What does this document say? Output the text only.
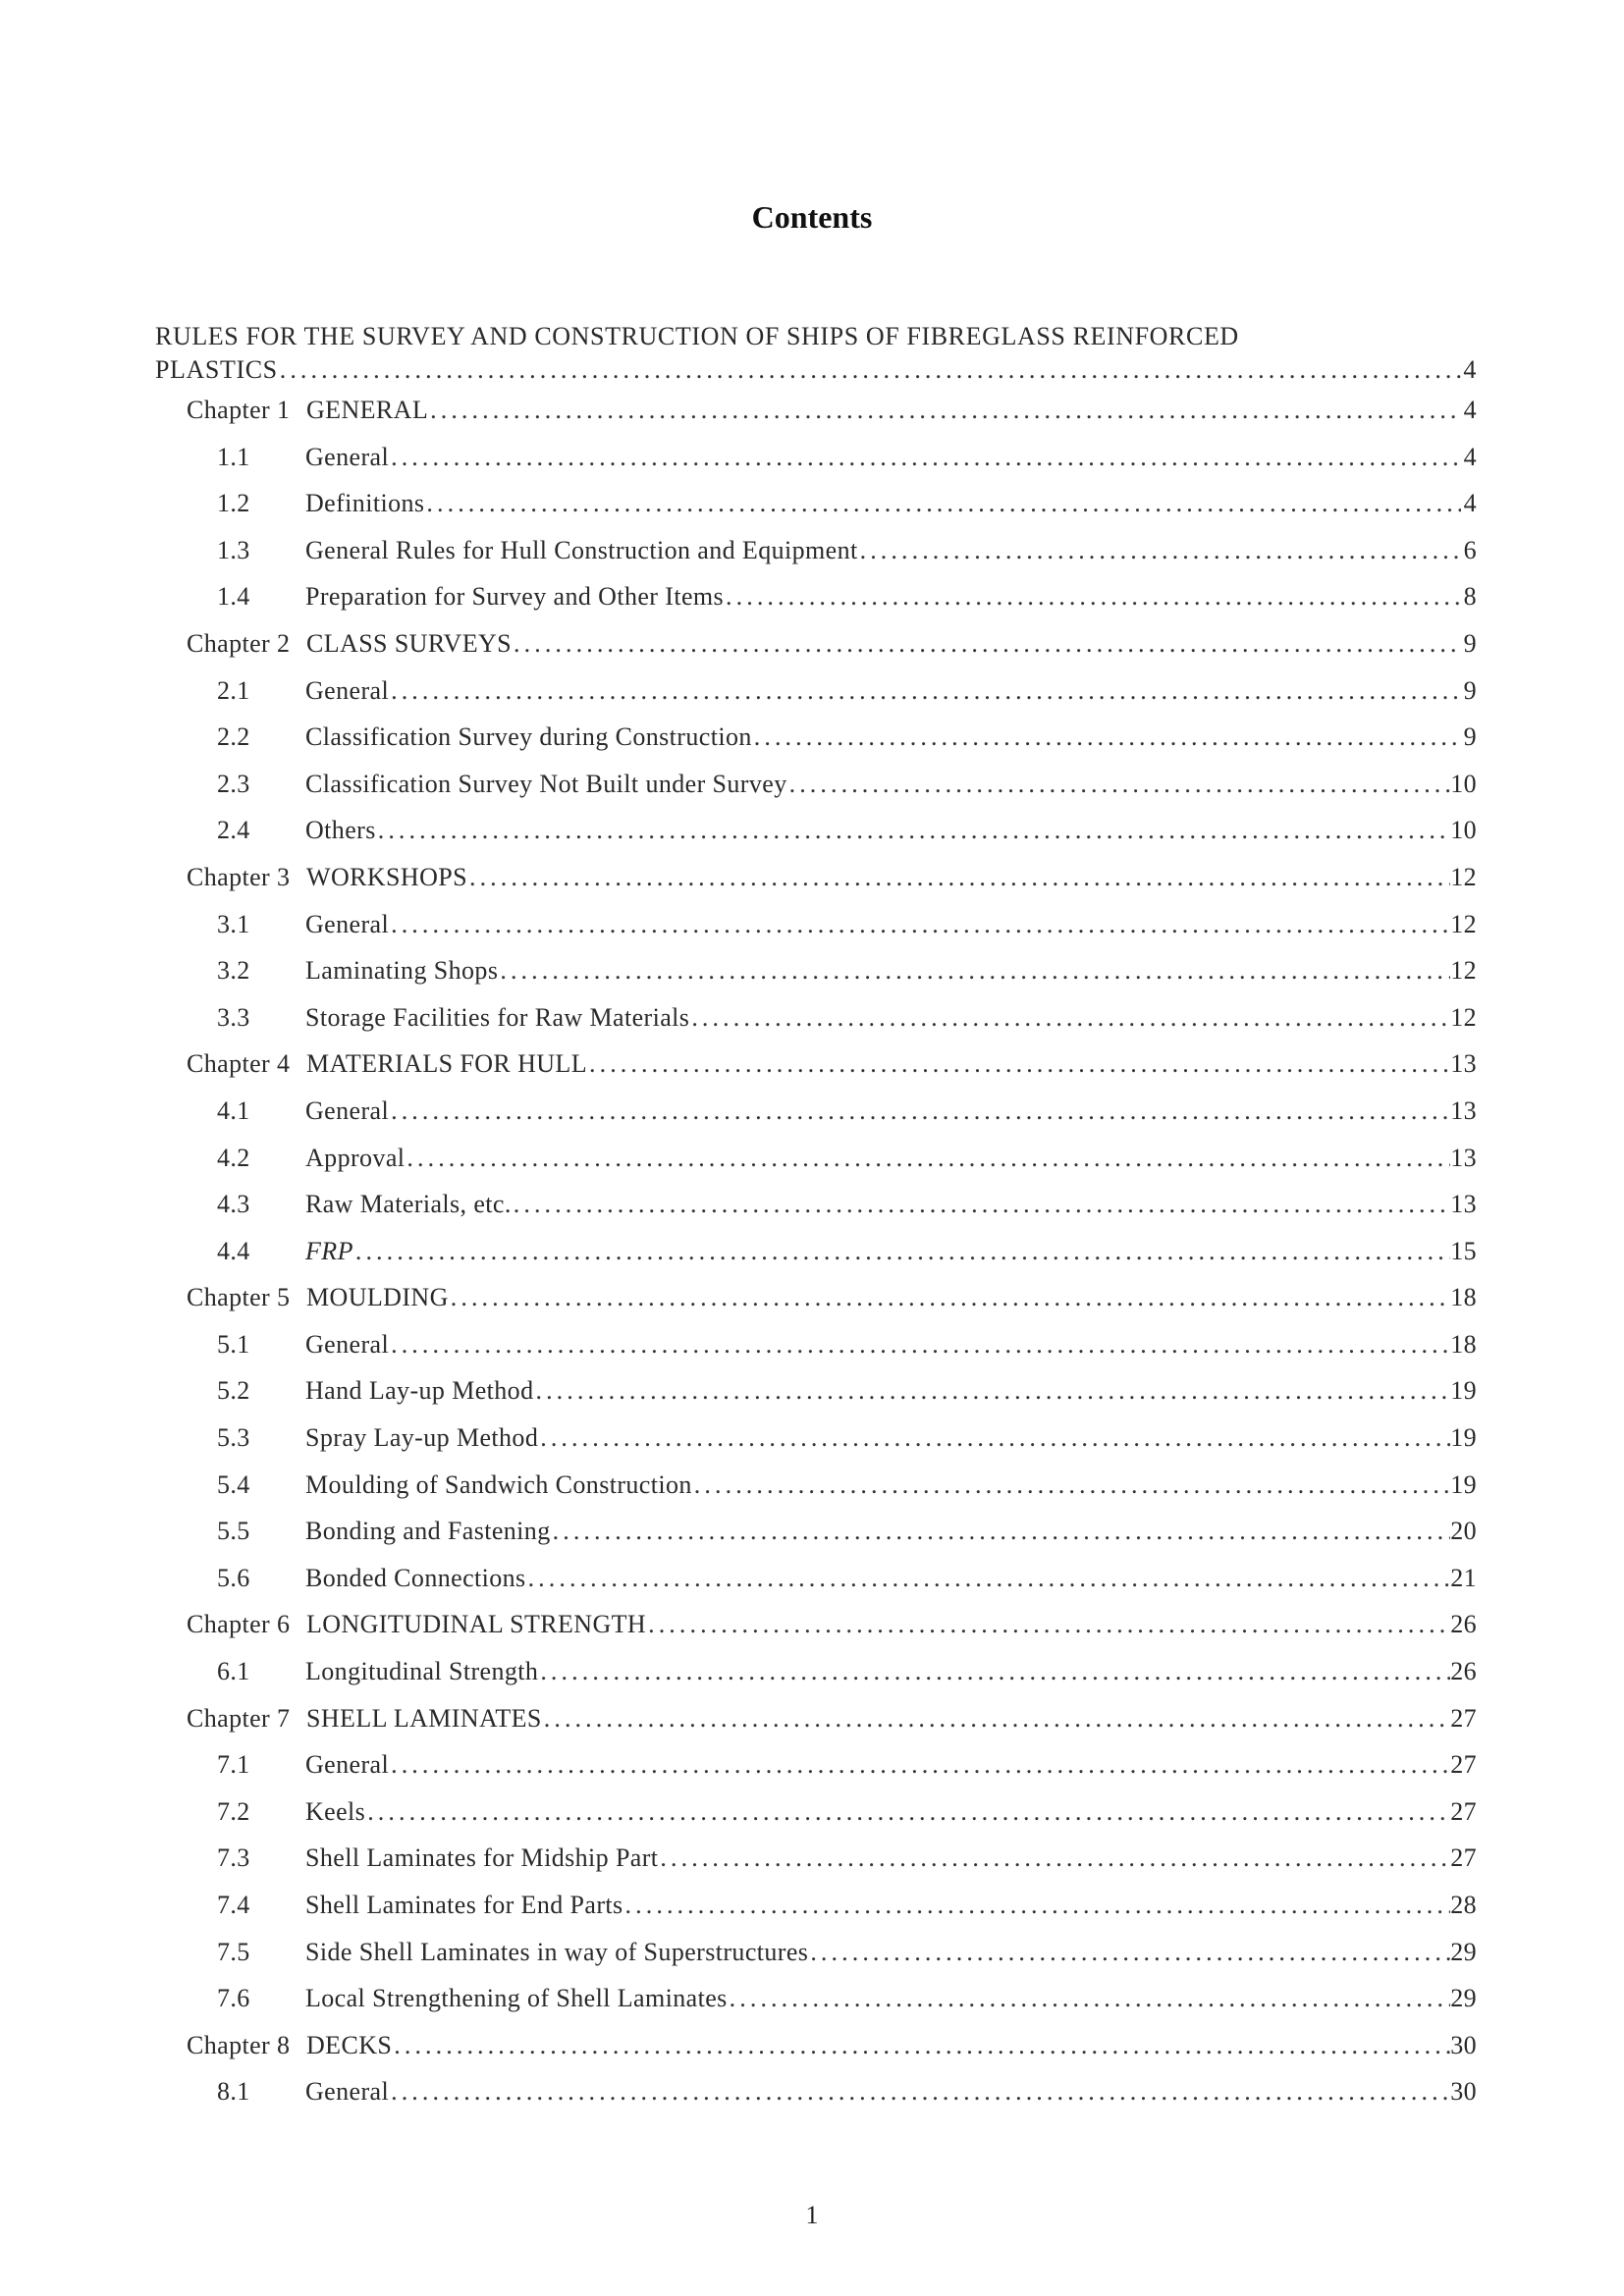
Contents
RULES FOR THE SURVEY AND CONSTRUCTION OF SHIPS OF FIBREGLASS REINFORCED
PLASTICS . . .	4
Chapter 1 GENERAL . . .	4
1.1	General . . .	4
1.2	Definitions . . .	4
1.3	General Rules for Hull Construction and Equipment . . .	6
1.4	Preparation for Survey and Other Items . . .	8
Chapter 2 CLASS SURVEYS . . .	9
2.1	General . . .	9
2.2	Classification Survey during Construction . . .	9
2.3	Classification Survey Not Built under Survey . . .	10
2.4	Others . . .	10
Chapter 3 WORKSHOPS . . .	12
3.1	General . . .	12
3.2	Laminating Shops . . .	12
3.3	Storage Facilities for Raw Materials . . .	12
Chapter 4 MATERIALS FOR HULL . . .	13
4.1	General . . .	13
4.2	Approval . . .	13
4.3	Raw Materials, etc. . . .	13
4.4	FRP . . .	15
Chapter 5 MOULDING . . .	18
5.1	General . . .	18
5.2	Hand Lay-up Method . . .	19
5.3	Spray Lay-up Method . . .	19
5.4	Moulding of Sandwich Construction . . .	19
5.5	Bonding and Fastening . . .	20
5.6	Bonded Connections . . .	21
Chapter 6 LONGITUDINAL STRENGTH . . .	26
6.1	Longitudinal Strength . . .	26
Chapter 7 SHELL LAMINATES . . .	27
7.1	General . . .	27
7.2	Keels . . .	27
7.3	Shell Laminates for Midship Part . . .	27
7.4	Shell Laminates for End Parts . . .	28
7.5	Side Shell Laminates in way of Superstructures . . .	29
7.6	Local Strengthening of Shell Laminates . . .	29
Chapter 8 DECKS . . .	30
8.1	General . . .	30
1
